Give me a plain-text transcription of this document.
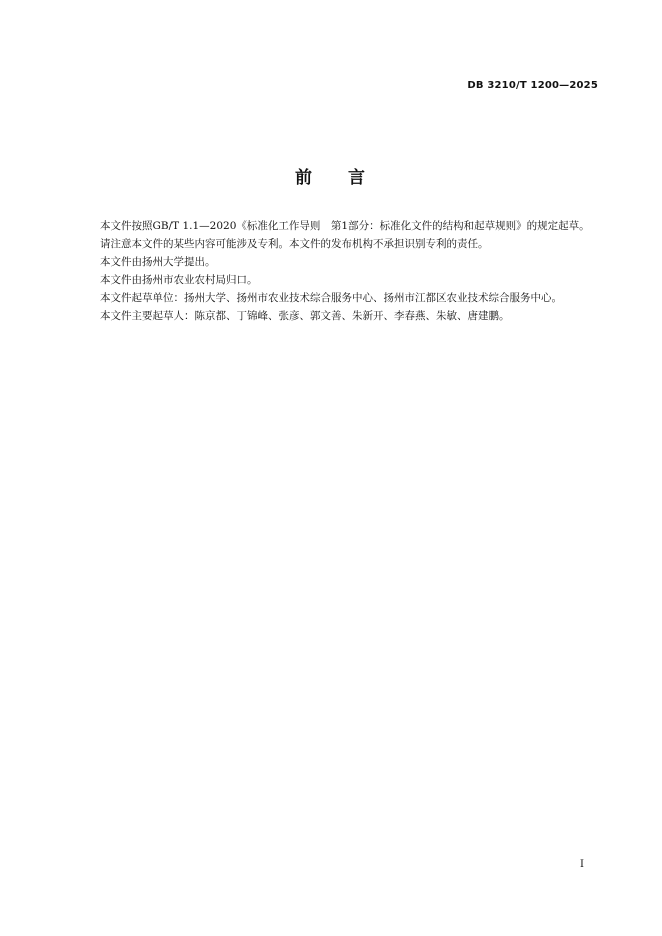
DB 3210/T 1200—2025
前 言

本文件按照GB/T 1.1—2020《标准化工作导则　第1部分：标准化文件的结构和起草规则》的规定起草。

请注意本文件的某些内容可能涉及专利。本文件的发布机构不承担识别专利的责任。

本文件由扬州大学提出。

本文件由扬州市农业农村局归口。

本文件起草单位：扬州大学、扬州市农业技术综合服务中心、扬州市江都区农业技术综合服务中心。

本文件主要起草人：陈京都、丁锦峰、张彦、郭文善、朱新开、李春燕、朱敏、唐建鹏。

I
